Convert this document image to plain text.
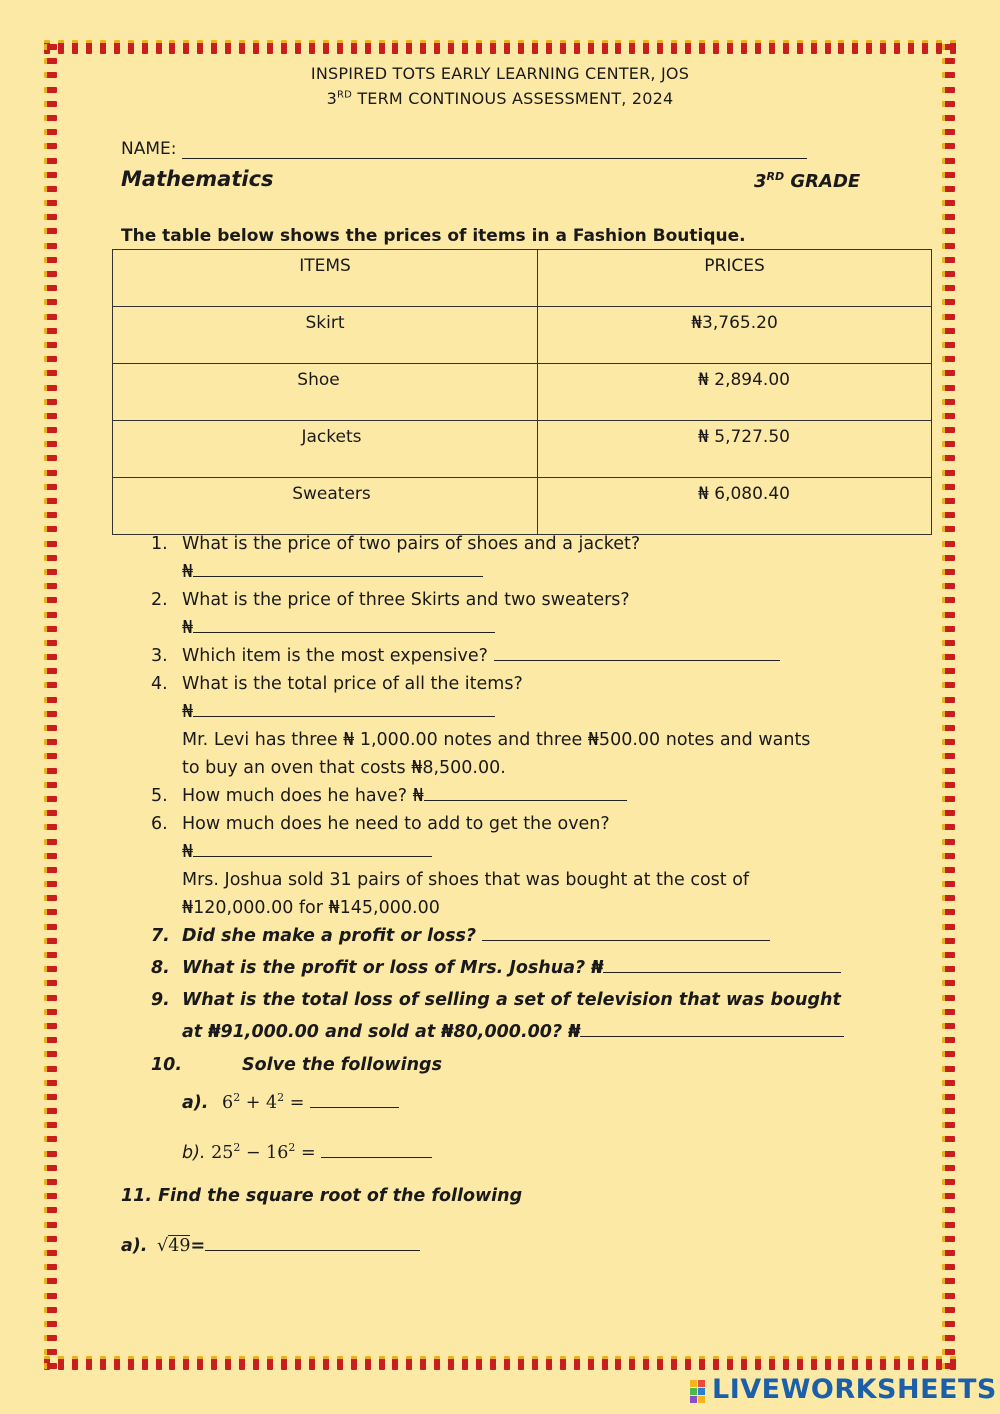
INSPIRED TOTS EARLY LEARNING CENTER, JOS
3RD TERM CONTINOUS ASSESSMENT, 2024
NAME:
Mathematics	3RD GRADE
The table below shows the prices of items in a Fashion Boutique.
ITEMS	PRICES
Skirt	₦3,765.20
Shoe	₦ 2,894.00
Jackets	₦ 5,727.50
Sweaters	₦ 6,080.40
1. What is the price of two pairs of shoes and a jacket?
₦
2. What is the price of three Skirts and two sweaters?
₦
3. Which item is the most expensive?
4. What is the total price of all the items?
₦
Mr. Levi has three ₦ 1,000.00 notes and three ₦500.00 notes and wants
to buy an oven that costs ₦8,500.00.
5. How much does he have? ₦
6. How much does he need to add to get the oven?
₦
Mrs. Joshua sold 31 pairs of shoes that was bought at the cost of
₦120,000.00 for ₦145,000.00
7. Did she make a profit or loss?
8. What is the profit or loss of Mrs. Joshua? ₦
9. What is the total loss of selling a set of television that was bought
at ₦91,000.00 and sold at ₦80,000.00? ₦
10.	Solve the followings
a). $6^2 + 4^2$ =
b). $25^2 - 16^2$ =
11. Find the square root of the following
a). √49=
LIVEWORKSHEETS
